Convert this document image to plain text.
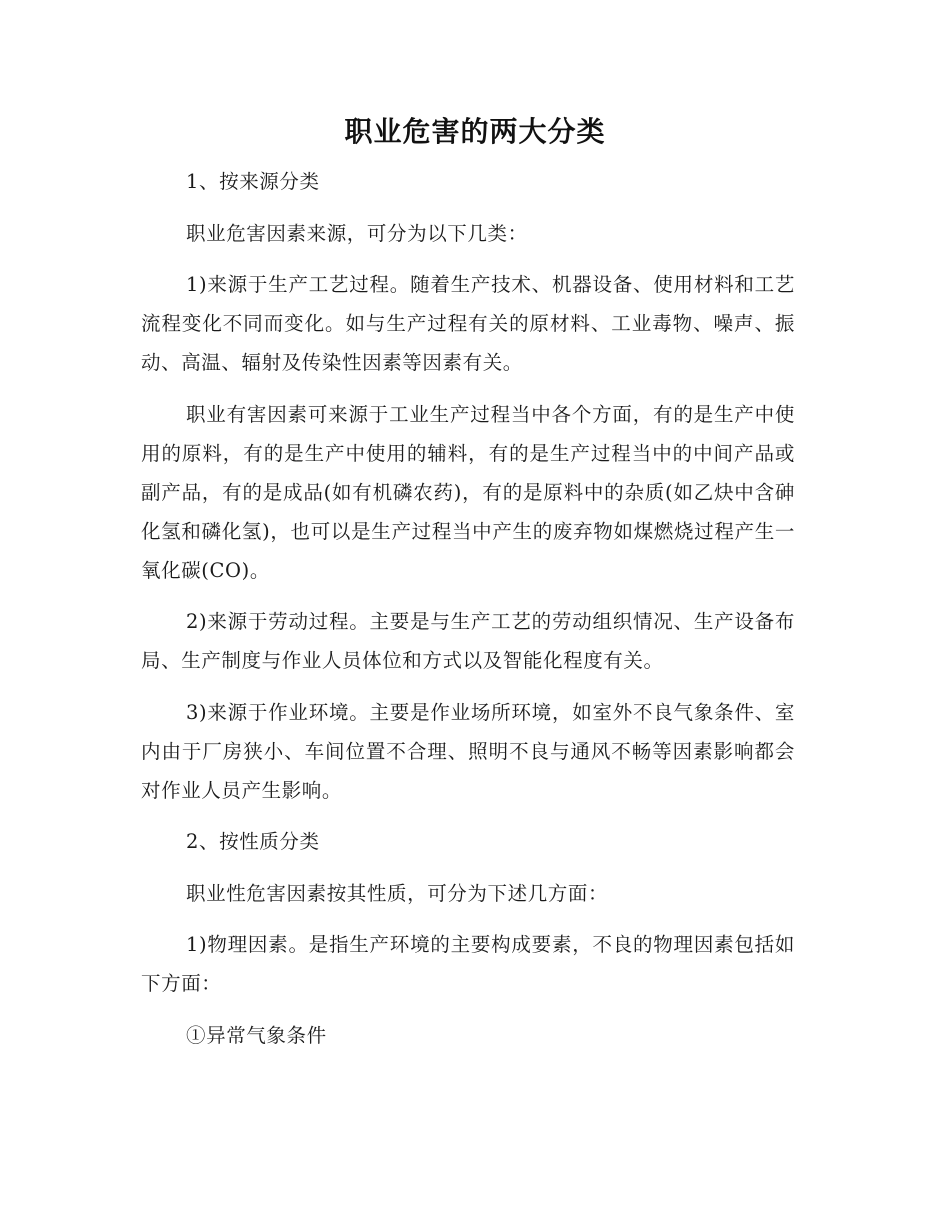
职业危害的两大分类

1、按来源分类

职业危害因素来源，可分为以下几类：

1)来源于生产工艺过程。随着生产技术、机器设备、使用材料和工艺流程变化不同而变化。如与生产过程有关的原材料、工业毒物、噪声、振动、高温、辐射及传染性因素等因素有关。

职业有害因素可来源于工业生产过程当中各个方面，有的是生产中使用的原料，有的是生产中使用的辅料，有的是生产过程当中的中间产品或副产品，有的是成品(如有机磷农药)，有的是原料中的杂质(如乙炔中含砷化氢和磷化氢)，也可以是生产过程当中产生的废弃物如煤燃烧过程产生一氧化碳(CO)。

2)来源于劳动过程。主要是与生产工艺的劳动组织情况、生产设备布局、生产制度与作业人员体位和方式以及智能化程度有关。

3)来源于作业环境。主要是作业场所环境，如室外不良气象条件、室内由于厂房狭小、车间位置不合理、照明不良与通风不畅等因素影响都会对作业人员产生影响。

2、按性质分类

职业性危害因素按其性质，可分为下述几方面：

1)物理因素。是指生产环境的主要构成要素，不良的物理因素包括如下方面：

①异常气象条件
